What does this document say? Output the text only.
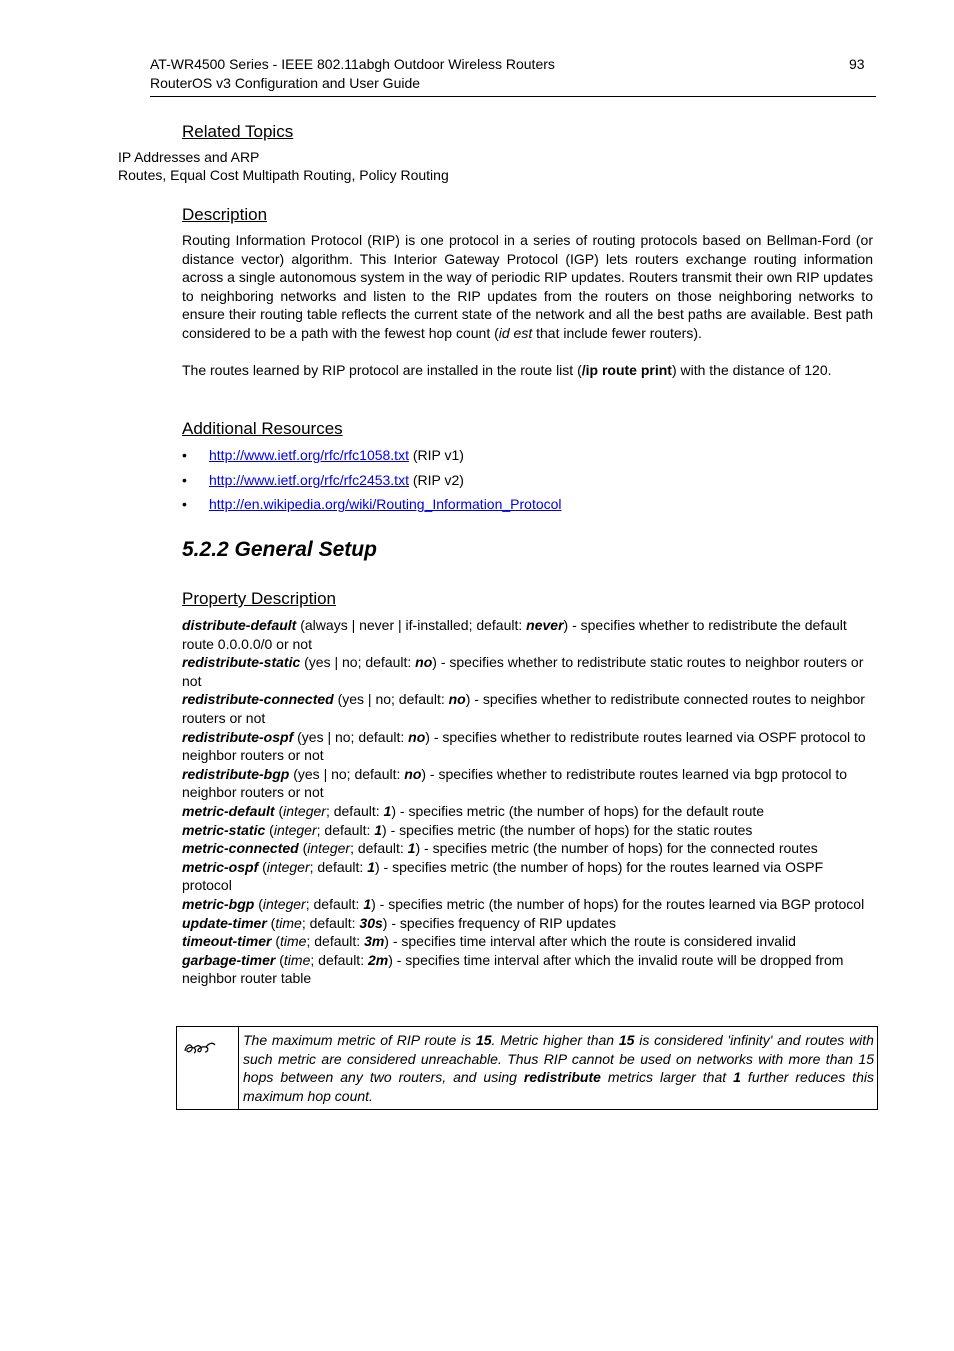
AT-WR4500 Series - IEEE 802.11abgh Outdoor Wireless Routers
RouterOS v3 Configuration and User Guide
93
Related Topics

IP Addresses and ARP

Routes, Equal Cost Multipath Routing, Policy Routing

Description

Routing Information Protocol (RIP) is one protocol in a series of routing protocols based on Bellman-Ford (or distance vector) algorithm. This Interior Gateway Protocol (IGP) lets routers exchange routing information across a single autonomous system in the way of periodic RIP updates. Routers transmit their own RIP updates to neighboring networks and listen to the RIP updates from the routers on those neighboring networks to ensure their routing table reflects the current state of the network and all the best paths are available. Best path considered to be a path with the fewest hop count (id est that include fewer routers).

The routes learned by RIP protocol are installed in the route list (/ip route print) with the distance of 120.

Additional Resources
• http://www.ietf.org/rfc/rfc1058.txt (RIP v1)
• http://www.ietf.org/rfc/rfc2453.txt (RIP v2)
• http://en.wikipedia.org/wiki/Routing_Information_Protocol
5.2.2 General Setup
Property Description

distribute-default (always | never | if-installed; default: never) - specifies whether to redistribute the default route 0.0.0.0/0 or not

redistribute-static (yes | no; default: no) - specifies whether to redistribute static routes to neighbor routers or not

redistribute-connected (yes | no; default: no) - specifies whether to redistribute connected routes to neighbor routers or not

redistribute-ospf (yes | no; default: no) - specifies whether to redistribute routes learned via OSPF protocol to neighbor routers or not

redistribute-bgp (yes | no; default: no) - specifies whether to redistribute routes learned via bgp protocol to neighbor routers or not

metric-default (integer; default: 1) - specifies metric (the number of hops) for the default route

metric-static (integer; default: 1) - specifies metric (the number of hops) for the static routes

metric-connected (integer; default: 1) - specifies metric (the number of hops) for the connected routes

metric-ospf (integer; default: 1) - specifies metric (the number of hops) for the routes learned via OSPF protocol

metric-bgp (integer; default: 1) - specifies metric (the number of hops) for the routes learned via BGP protocol

update-timer (time; default: 30s) - specifies frequency of RIP updates

timeout-timer (time; default: 3m) - specifies time interval after which the route is considered invalid

garbage-timer (time; default: 2m) - specifies time interval after which the invalid route will be dropped from neighbor router table

The maximum metric of RIP route is 15. Metric higher than 15 is considered 'infinity' and routes with such metric are considered unreachable. Thus RIP cannot be used on networks with more than 15 hops between any two routers, and using redistribute metrics larger that 1 further reduces this maximum hop count.
